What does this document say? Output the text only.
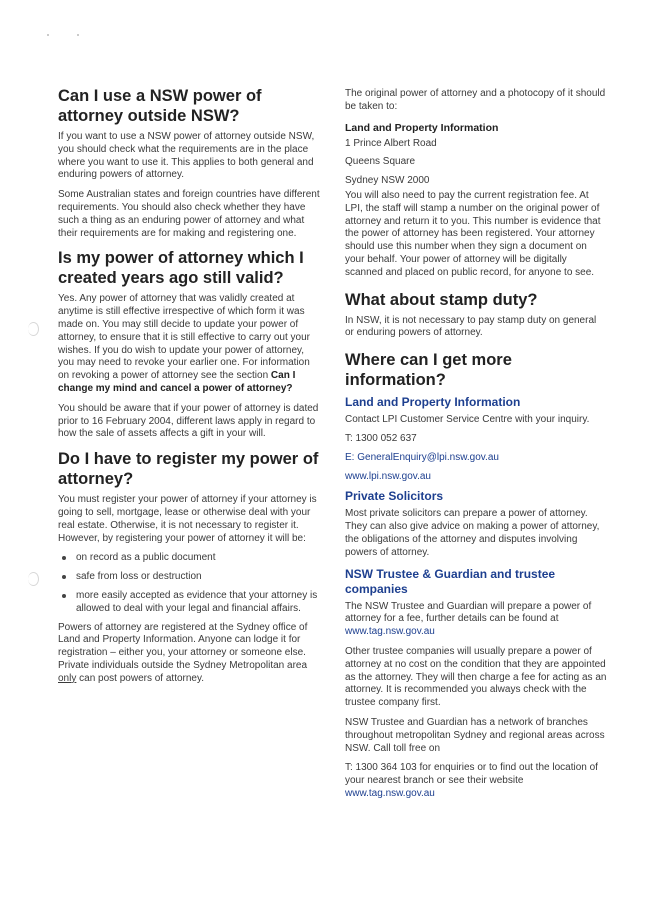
Can I use a NSW power of attorney outside NSW?

If you want to use a NSW power of attorney outside NSW, you should check what the requirements are in the place where you want to use it. This applies to both general and enduring powers of attorney.

Some Australian states and foreign countries have different requirements. You should also check whether they have such a thing as an enduring power of attorney and what their requirements are for making and registering one.

Is my power of attorney which I created years ago still valid?

Yes. Any power of attorney that was validly created at anytime is still effective irrespective of which form it was made on. You may still decide to update your power of attorney, to ensure that it is still effective to carry out your wishes. If you do wish to update your power of attorney, you may need to revoke your earlier one. For information on revoking a power of attorney see the section Can I change my mind and cancel a power of attorney?

You should be aware that if your power of attorney is dated prior to 16 February 2004, different laws apply in regard to how the sale of assets affects a gift in your will.

Do I have to register my power of attorney?

You must register your power of attorney if your attorney is going to sell, mortgage, lease or otherwise deal with your real estate. Otherwise, it is not necessary to register it. However, by registering your power of attorney it will be:

on record as a public document
safe from loss or destruction
more easily accepted as evidence that your attorney is allowed to deal with your legal and financial affairs.

Powers of attorney are registered at the Sydney office of Land and Property Information. Anyone can lodge it for registration – either you, your attorney or someone else. Private individuals outside the Sydney Metropolitan area only can post powers of attorney.

The original power of attorney and a photocopy of it should be taken to:

Land and Property Information

1 Prince Albert Road

Queens Square

Sydney NSW 2000

You will also need to pay the current registration fee. At LPI, the staff will stamp a number on the original power of attorney and return it to you. This number is evidence that the power of attorney has been registered. Your attorney should use this number when they sign a document on your behalf. Your power of attorney will be digitally scanned and placed on public record, for anyone to see.

What about stamp duty?

In NSW, it is not necessary to pay stamp duty on general or enduring powers of attorney.

Where can I get more information?
Land and Property Information

Contact LPI Customer Service Centre with your inquiry.

T: 1300 052 637

E: GeneralEnquiry@lpi.nsw.gov.au

www.lpi.nsw.gov.au

Private Solicitors

Most private solicitors can prepare a power of attorney. They can also give advice on making a power of attorney, the obligations of the attorney and disputes involving powers of attorney.

NSW Trustee & Guardian and trustee companies

The NSW Trustee and Guardian will prepare a power of attorney for a fee, further details can be found at
www.tag.nsw.gov.au

Other trustee companies will usually prepare a power of attorney at no cost on the condition that they are appointed as the attorney. They will then charge a fee for acting as an attorney. It is recommended you always check with the trustee company first.

NSW Trustee and Guardian has a network of branches throughout metropolitan Sydney and regional areas across NSW. Call toll free on

T: 1300 364 103 for enquiries or to find out the location of your nearest branch or see their website
www.tag.nsw.gov.au
